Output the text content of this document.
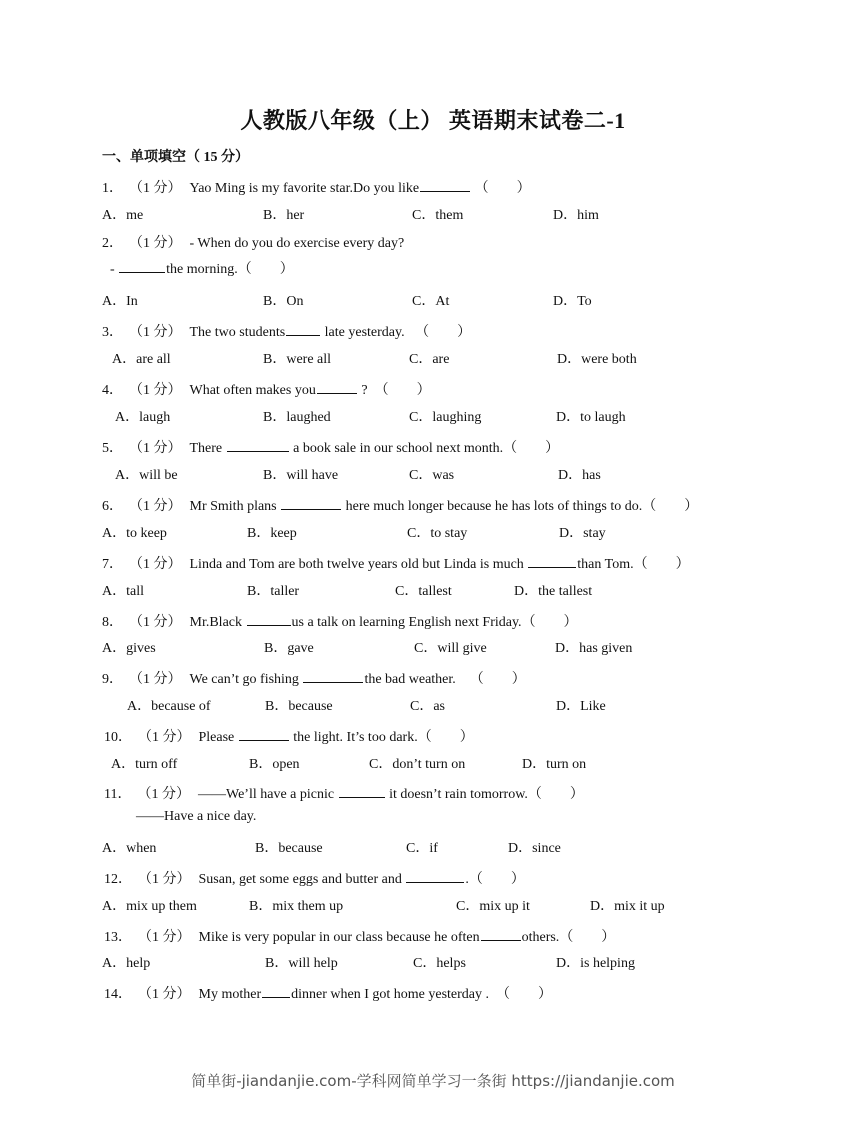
人教版八年级（上） 英语期末试卷二-1
一、单项填空（ 15 分）
1． （1 分） Yao Ming is my favorite star.Do you like	（　　）
A．me	B．her	C．them	D．him
2． （1 分） - When do you do exercise every day?
-	the morning.（　　）
A．In	B．On	C．At	D．To
3． （1 分） The two students	late yesterday. （　　）
A．are all	B．were all	C．are	D．were both
4． （1 分） What often makes you	? （　　）
A．laugh	B．laughed	C．laughing	D．to laugh
5． （1 分） There	a book sale in our school next month.（　　）
A．will be	B．will have	C．was	D．has
6． （1 分） Mr Smith plans	here much longer because he has lots of things to do.（　　）
A．to keep	B．keep	C．to stay	D．stay
7． （1 分） Linda and Tom are both twelve years old but Linda is much	than Tom.（　　）
A．tall	B．taller	C．tallest	D．the tallest
8． （1 分） Mr.Black	us a talk on learning English next Friday.（　　）
A．gives	B．gave	C．will give	D．has given
9． （1 分） We can’t go fishing	the bad weather. （　　）
A．because of	B．because	C．as	D．Like
10． （1 分） Please	the light. It’s too dark.（　　）
A．turn off	B．open	C．don’t turn on	D．turn on
11． （1 分） ——We’ll have a picnic	it doesn’t rain tomorrow.（　　）
——Have a nice day.
A．when	B．because	C．if	D．since
12． （1 分） Susan, get some eggs and butter and	.（　　）
A．mix up them	B．mix them up	C．mix up it	D．mix it up
13． （1 分） Mike is very popular in our class because he often	others.（　　）
A．help	B．will help	C．helps	D．is helping
14． （1 分） My mother dinner when I got home yesterday . （　　）
简单街-jiandanjie.com-学科网简单学习一条街 https://jiandanjie.com
